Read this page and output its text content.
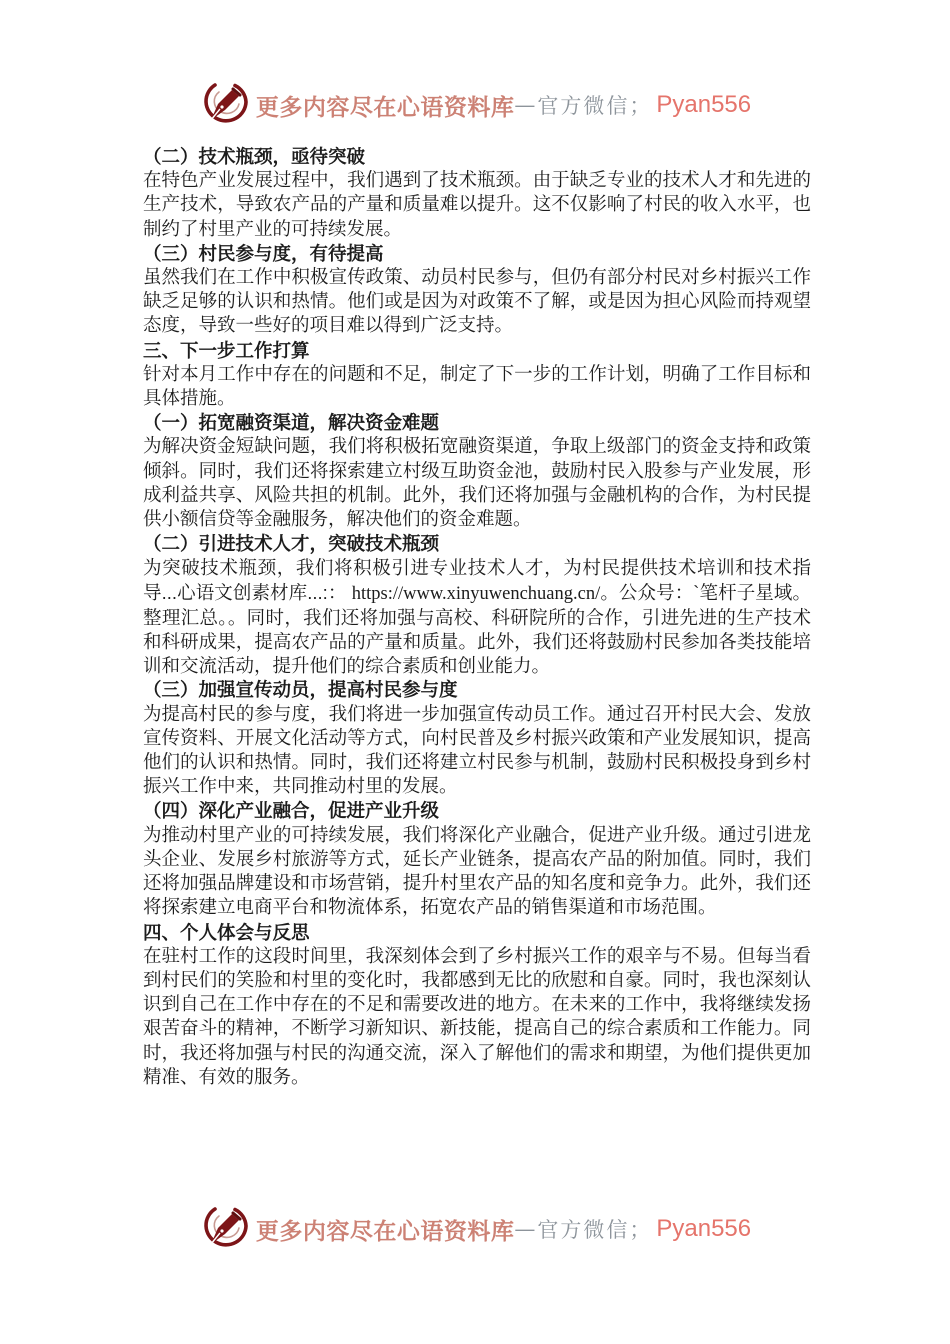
更多内容尽在心语资料库 — 官方微信； Pyan556
（二）技术瓶颈，亟待突破
在特色产业发展过程中，我们遇到了技术瓶颈。由于缺乏专业的技术人才和先进的生产技术，导致农产品的产量和质量难以提升。这不仅影响了村民的收入水平，也制约了村里产业的可持续发展。
（三）村民参与度，有待提高
虽然我们在工作中积极宣传政策、动员村民参与，但仍有部分村民对乡村振兴工作缺乏足够的认识和热情。他们或是因为对政策不了解，或是因为担心风险而持观望态度，导致一些好的项目难以得到广泛支持。
三、下一步工作打算
针对本月工作中存在的问题和不足，制定了下一步的工作计划，明确了工作目标和具体措施。
（一）拓宽融资渠道，解决资金难题
为解决资金短缺问题，我们将积极拓宽融资渠道，争取上级部门的资金支持和政策倾斜。同时，我们还将探索建立村级互助资金池，鼓励村民入股参与产业发展，形成利益共享、风险共担的机制。此外，我们还将加强与金融机构的合作，为村民提供小额信贷等金融服务，解决他们的资金难题。
（二）引进技术人才，突破技术瓶颈
为突破技术瓶颈，我们将积极引进专业技术人才，为村民提供技术培训和技术指导...心语文创素材库...:： https://www.xinyuwenchuang.cn/。公众号：`笔杆子星域。整理汇总。。同时，我们还将加强与高校、科研院所的合作，引进先进的生产技术和科研成果，提高农产品的产量和质量。此外，我们还将鼓励村民参加各类技能培训和交流活动，提升他们的综合素质和创业能力。
（三）加强宣传动员，提高村民参与度
为提高村民的参与度，我们将进一步加强宣传动员工作。通过召开村民大会、发放宣传资料、开展文化活动等方式，向村民普及乡村振兴政策和产业发展知识，提高他们的认识和热情。同时，我们还将建立村民参与机制，鼓励村民积极投身到乡村振兴工作中来，共同推动村里的发展。
（四）深化产业融合，促进产业升级
为推动村里产业的可持续发展，我们将深化产业融合，促进产业升级。通过引进龙头企业、发展乡村旅游等方式，延长产业链条，提高农产品的附加值。同时，我们还将加强品牌建设和市场营销，提升村里农产品的知名度和竞争力。此外，我们还将探索建立电商平台和物流体系，拓宽农产品的销售渠道和市场范围。
四、个人体会与反思
在驻村工作的这段时间里，我深刻体会到了乡村振兴工作的艰辛与不易。但每当看到村民们的笑脸和村里的变化时，我都感到无比的欣慰和自豪。同时，我也深刻认识到自己在工作中存在的不足和需要改进的地方。在未来的工作中，我将继续发扬艰苦奋斗的精神，不断学习新知识、新技能，提高自己的综合素质和工作能力。同时，我还将加强与村民的沟通交流，深入了解他们的需求和期望，为他们提供更加精准、有效的服务。
更多内容尽在心语资料库 — 官方微信； Pyan556
